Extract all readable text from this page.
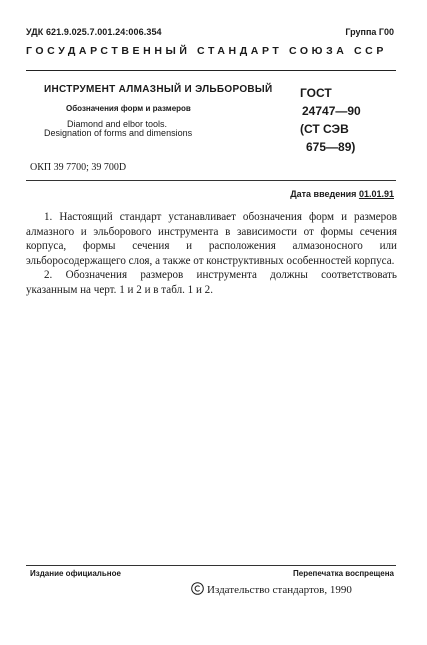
УДК 621.9.025.7.001.24:006.354	Группа Г00
ГОСУДАРСТВЕННЫЙ СТАНДАРТ СОЮЗА ССР
ИНСТРУМЕНТ АЛМАЗНЫЙ И ЭЛЬБОРОВЫЙ
Обозначения форм и размеров
Diamond and elbor tools.
Designation of forms and dimensions
ГОСТ
24747—90
(СТ СЭВ
675—89)
ОКП 39 7700; 39 700D
Дата введения 01.01.91

1. Настоящий стандарт устанавливает обозначения форм и размеров алмазного и эльборового инструмента в зависимости от формы сечения корпуса, формы сечения и расположения алмазоносного или эльборосодержащего слоя, а также от конструктивных особенностей корпуса.

2. Обозначения размеров инструмента должны соответствовать указанным на черт. 1 и 2 и в табл. 1 и 2.

Издание официальное	Перепечатка воспрещена
Издательство стандартов, 1990
